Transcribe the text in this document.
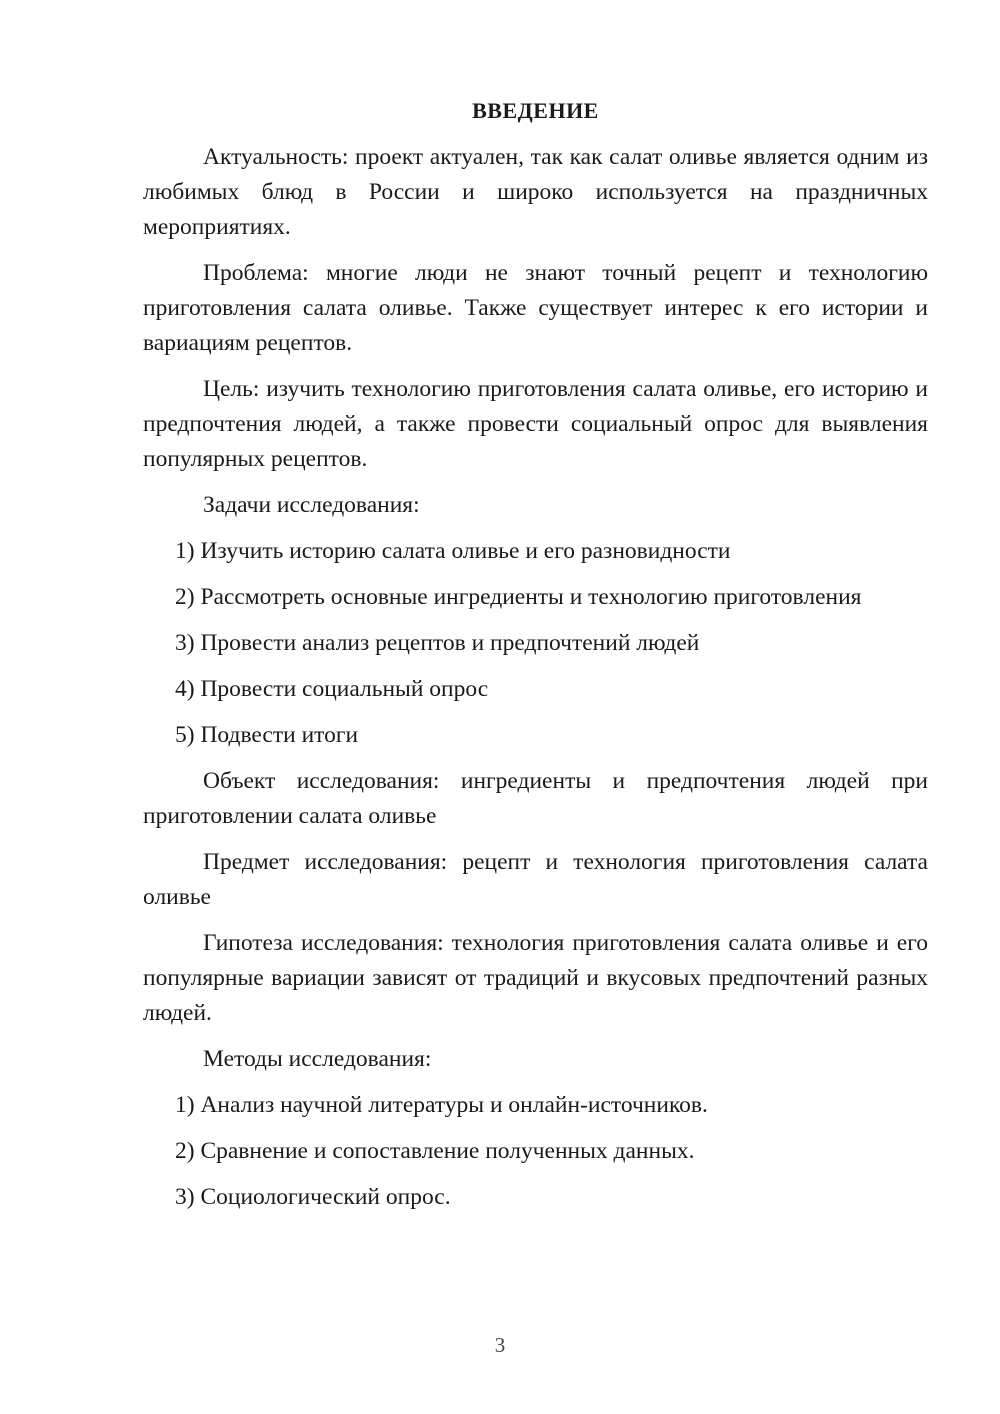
ВВЕДЕНИЕ

Актуальность: проект актуален, так как салат оливье является одним из любимых блюд в России и широко используется на праздничных мероприятиях.

Проблема: многие люди не знают точный рецепт и технологию приготовления салата оливье. Также существует интерес к его истории и вариациям рецептов.

Цель: изучить технологию приготовления салата оливье, его историю и предпочтения людей, а также провести социальный опрос для выявления популярных рецептов.

Задачи исследования:

1) Изучить историю салата оливье и его разновидности

2) Рассмотреть основные ингредиенты и технологию приготовления

3) Провести анализ рецептов и предпочтений людей

4) Провести социальный опрос

5) Подвести итоги

Объект исследования: ингредиенты и предпочтения людей при приготовлении салата оливье

Предмет исследования: рецепт и технология приготовления салата оливье

Гипотеза исследования: технология приготовления салата оливье и его популярные вариации зависят от традиций и вкусовых предпочтений разных людей.

Методы исследования:

1) Анализ научной литературы и онлайн-источников.

2) Сравнение и сопоставление полученных данных.

3) Социологический опрос.

3
